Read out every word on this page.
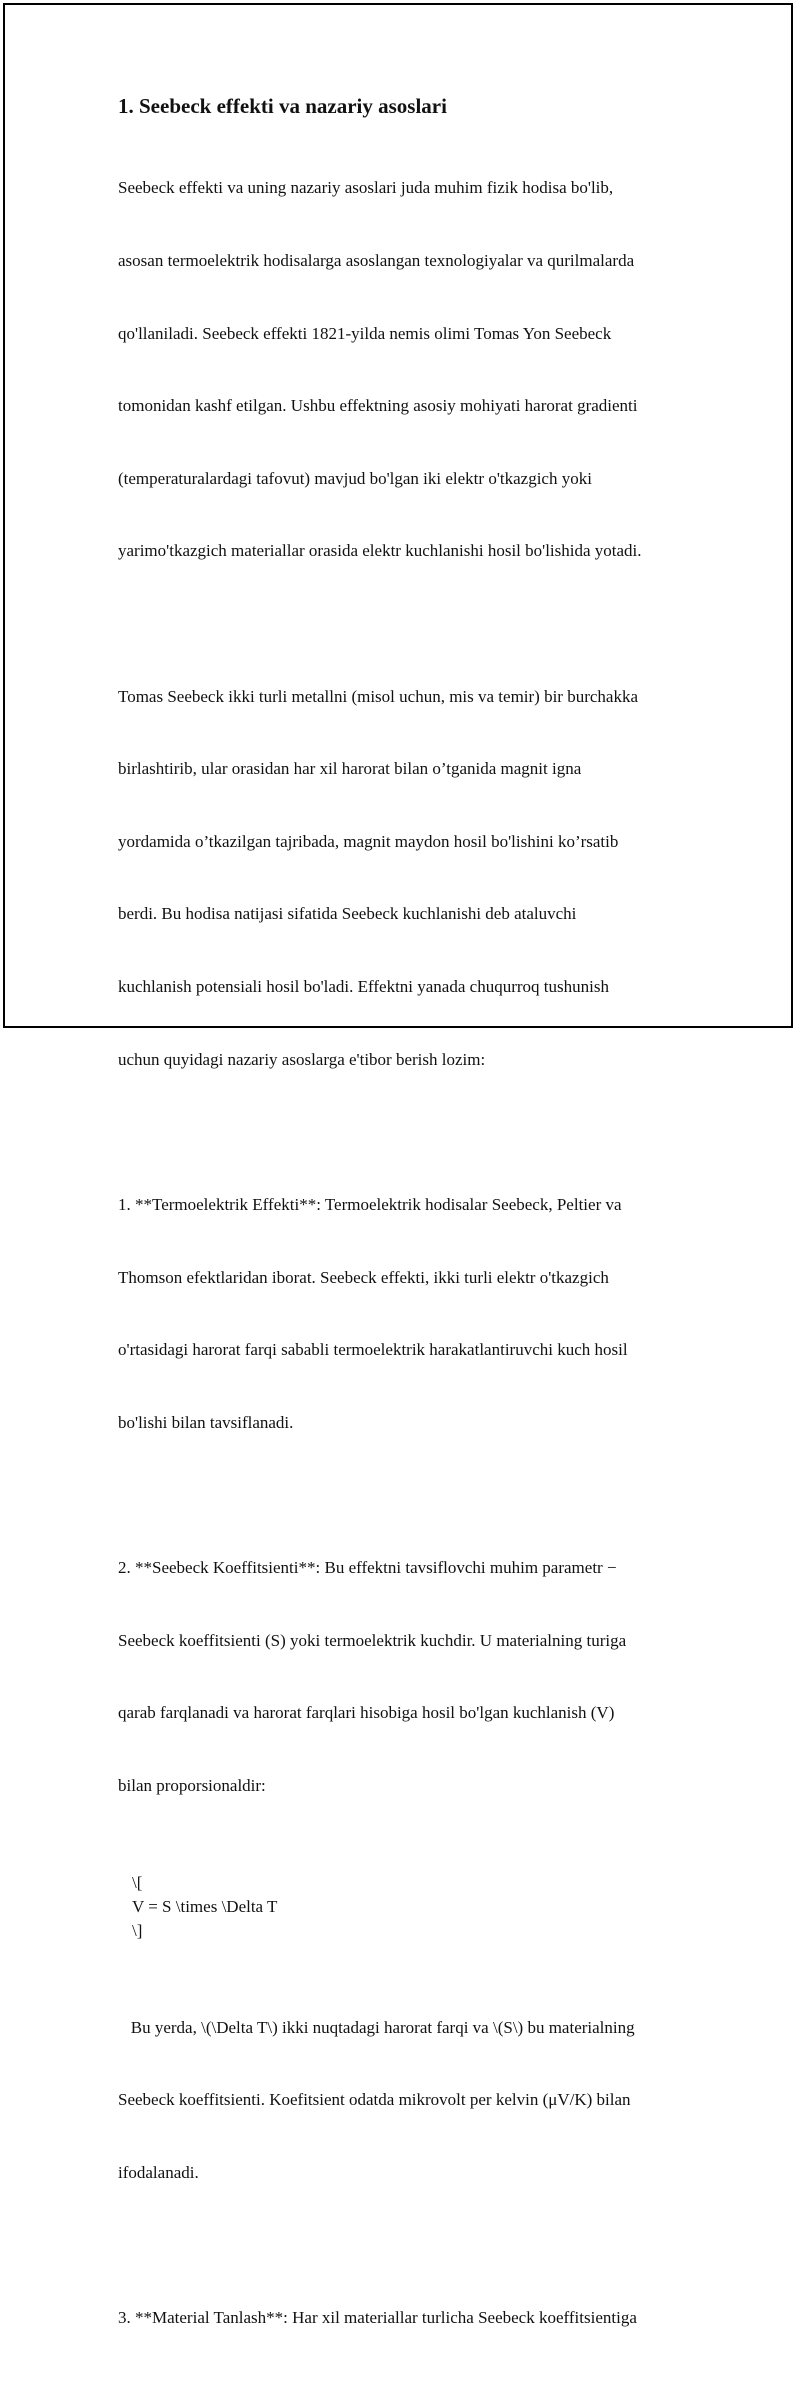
1. Seebeck effekti va nazariy asoslari

Seebeck effekti va uning nazariy asoslari juda muhim fizik hodisa bo'lib,

asosan termoelektrik hodisalarga asoslangan texnologiyalar va qurilmalarda

qo'llaniladi. Seebeck effekti 1821-yilda nemis olimi Tomas Yon Seebeck

tomonidan kashf etilgan. Ushbu effektning asosiy mohiyati harorat gradienti

(temperaturalardagi tafovut) mavjud bo'lgan iki elektr o'tkazgich yoki

yarimo'tkazgich materiallar orasida elektr kuchlanishi hosil bo'lishida yotadi.

Tomas Seebeck ikki turli metallni (misol uchun, mis va temir) bir burchakka

birlashtirib, ular orasidan har xil harorat bilan o’tganida magnit igna

yordamida o’tkazilgan tajribada, magnit maydon hosil bo'lishini ko’rsatib

berdi. Bu hodisa natijasi sifatida Seebeck kuchlanishi deb ataluvchi

kuchlanish potensiali hosil bo'ladi. Effektni yanada chuqurroq tushunish

uchun quyidagi nazariy asoslarga e'tibor berish lozim:

1. **Termoelektrik Effekti**: Termoelektrik hodisalar Seebeck, Peltier va

Thomson efektlaridan iborat. Seebeck effekti, ikki turli elektr o'tkazgich

o'rtasidagi harorat farqi sababli termoelektrik harakatlantiruvchi kuch hosil

bo'lishi bilan tavsiflanadi.

2. **Seebeck Koeffitsienti**: Bu effektni tavsiflovchi muhim parametr −

Seebeck koeffitsienti (S) yoki termoelektrik kuchdir. U materialning turiga

qarab farqlanadi va harorat farqlari hisobiga hosil bo'lgan kuchlanish (V)

bilan proporsionaldir:

\[
V = S \times \Delta T
\]

Bu yerda, \(\Delta T\) ikki nuqtadagi harorat farqi va \(S\) bu materialning

Seebeck koeffitsienti. Koefitsient odatda mikrovolt per kelvin (μV/K) bilan

ifodalanadi.

3. **Material Tanlash**: Har xil materiallar turlicha Seebeck koeffitsientiga
